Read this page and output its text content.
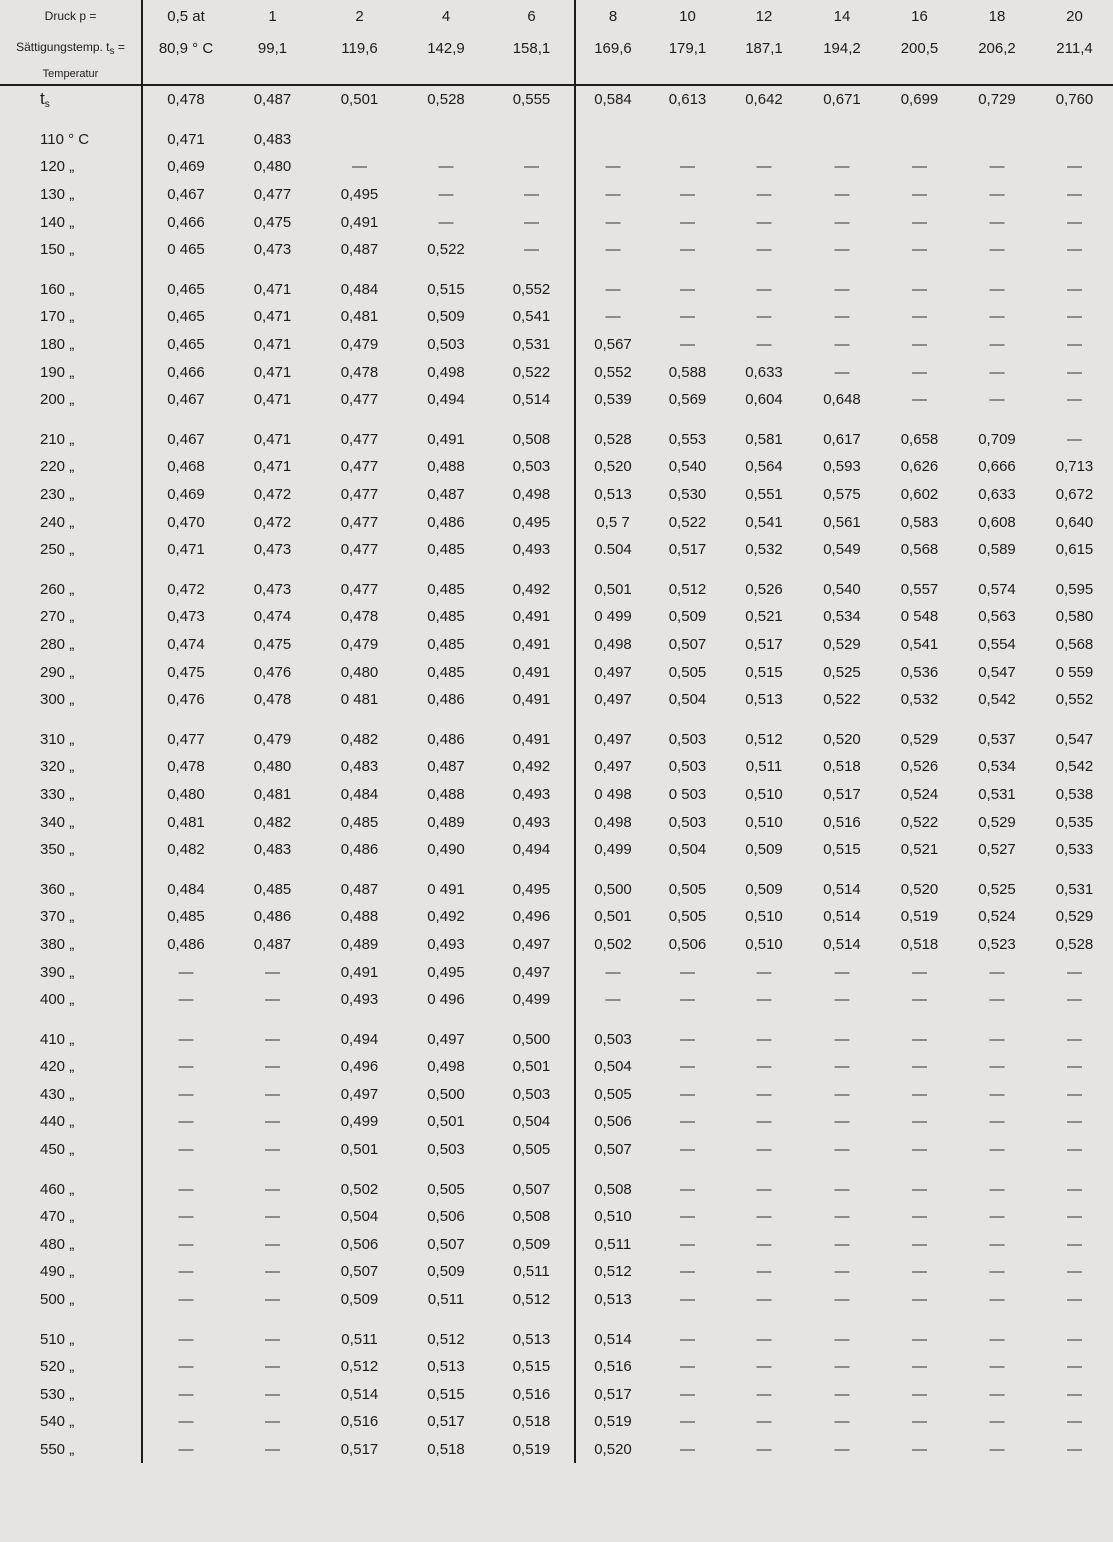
Druck p =	0,5 at	1	2	4	6	8	10	12	14	16	18	20
Sättigungstemp. $t_s$ =	80,9 ° C	99,1	119,6	142,9	158,1	169,6	179,1	187,1	194,2	200,5	206,2	211,4
Temperatur												
$t_s$	0,478	0,487	0,501	0,528	0,555	0,584	0,613	0,642	0,671	0,699	0,729	0,760

110 ° C	0,471	0,483										
120 „	0,469	0,480	—	—	—	—	—	—	—	—	—	—
130 „	0,467	0,477	0,495	—	—	—	—	—	—	—	—	—
140 „	0,466	0,475	0,491	—	—	—	—	—	—	—	—	—
150 „	0 465	0,473	0,487	0,522	—	—	—	—	—	—	—	—

160 „	0,465	0,471	0,484	0,515	0,552	—	—	—	—	—	—	—
170 „	0,465	0,471	0,481	0,509	0,541	—	—	—	—	—	—	—
180 „	0,465	0,471	0,479	0,503	0,531	0,567	—	—	—	—	—	—
190 „	0,466	0,471	0,478	0,498	0,522	0,552	0,588	0,633	—	—	—	—
200 „	0,467	0,471	0,477	0,494	0,514	0,539	0,569	0,604	0,648	—	—	—

210 „	0,467	0,471	0,477	0,491	0,508	0,528	0,553	0,581	0,617	0,658	0,709	—
220 „	0,468	0,471	0,477	0,488	0,503	0,520	0,540	0,564	0,593	0,626	0,666	0,713
230 „	0,469	0,472	0,477	0,487	0,498	0,513	0,530	0,551	0,575	0,602	0,633	0,672
240 „	0,470	0,472	0,477	0,486	0,495	0,5 7	0,522	0,541	0,561	0,583	0,608	0,640
250 „	0,471	0,473	0,477	0,485	0,493	0.504	0,517	0,532	0,549	0,568	0,589	0,615

260 „	0,472	0,473	0,477	0,485	0,492	0,501	0,512	0,526	0,540	0,557	0,574	0,595
270 „	0,473	0,474	0,478	0,485	0,491	0 499	0,509	0,521	0,534	0 548	0,563	0,580
280 „	0,474	0,475	0,479	0,485	0,491	0,498	0,507	0,517	0,529	0,541	0,554	0,568
290 „	0,475	0,476	0,480	0,485	0,491	0,497	0,505	0,515	0,525	0,536	0,547	0 559
300 „	0,476	0,478	0 481	0,486	0,491	0,497	0,504	0,513	0,522	0,532	0,542	0,552

310 „	0,477	0,479	0,482	0,486	0,491	0,497	0,503	0,512	0,520	0,529	0,537	0,547
320 „	0,478	0,480	0,483	0,487	0,492	0,497	0,503	0,511	0,518	0,526	0,534	0,542
330 „	0,480	0,481	0,484	0,488	0,493	0 498	0 503	0,510	0,517	0,524	0,531	0,538
340 „	0,481	0,482	0,485	0,489	0,493	0,498	0,503	0,510	0,516	0,522	0,529	0,535
350 „	0,482	0,483	0,486	0,490	0,494	0,499	0,504	0,509	0,515	0,521	0,527	0,533

360 „	0,484	0,485	0,487	0 491	0,495	0,500	0,505	0,509	0,514	0,520	0,525	0,531
370 „	0,485	0,486	0,488	0,492	0,496	0,501	0,505	0,510	0,514	0,519	0,524	0,529
380 „	0,486	0,487	0,489	0,493	0,497	0,502	0,506	0,510	0,514	0,518	0,523	0,528
390 „	—	—	0,491	0,495	0,497	—	—	—	—	—	—	—
400 „	—	—	0,493	0 496	0,499	—	—	—	—	—	—	—

410 „	—	—	0,494	0,497	0,500	0,503	—	—	—	—	—	—
420 „	—	—	0,496	0,498	0,501	0,504	—	—	—	—	—	—
430 „	—	—	0,497	0,500	0,503	0,505	—	—	—	—	—	—
440 „	—	—	0,499	0,501	0,504	0,506	—	—	—	—	—	—
450 „	—	—	0,501	0,503	0,505	0,507	—	—	—	—	—	—

460 „	—	—	0,502	0,505	0,507	0,508	—	—	—	—	—	—
470 „	—	—	0,504	0,506	0,508	0,510	—	—	—	—	—	—
480 „	—	—	0,506	0,507	0,509	0,511	—	—	—	—	—	—
490 „	—	—	0,507	0,509	0,511	0,512	—	—	—	—	—	—
500 „	—	—	0,509	0,511	0,512	0,513	—	—	—	—	—	—

510 „	—	—	0,511	0,512	0,513	0,514	—	—	—	—	—	—
520 „	—	—	0,512	0,513	0,515	0,516	—	—	—	—	—	—
530 „	—	—	0,514	0,515	0,516	0,517	—	—	—	—	—	—
540 „	—	—	0,516	0,517	0,518	0,519	—	—	—	—	—	—
550 „	—	—	0,517	0,518	0,519	0,520	—	—	—	—	—	—
